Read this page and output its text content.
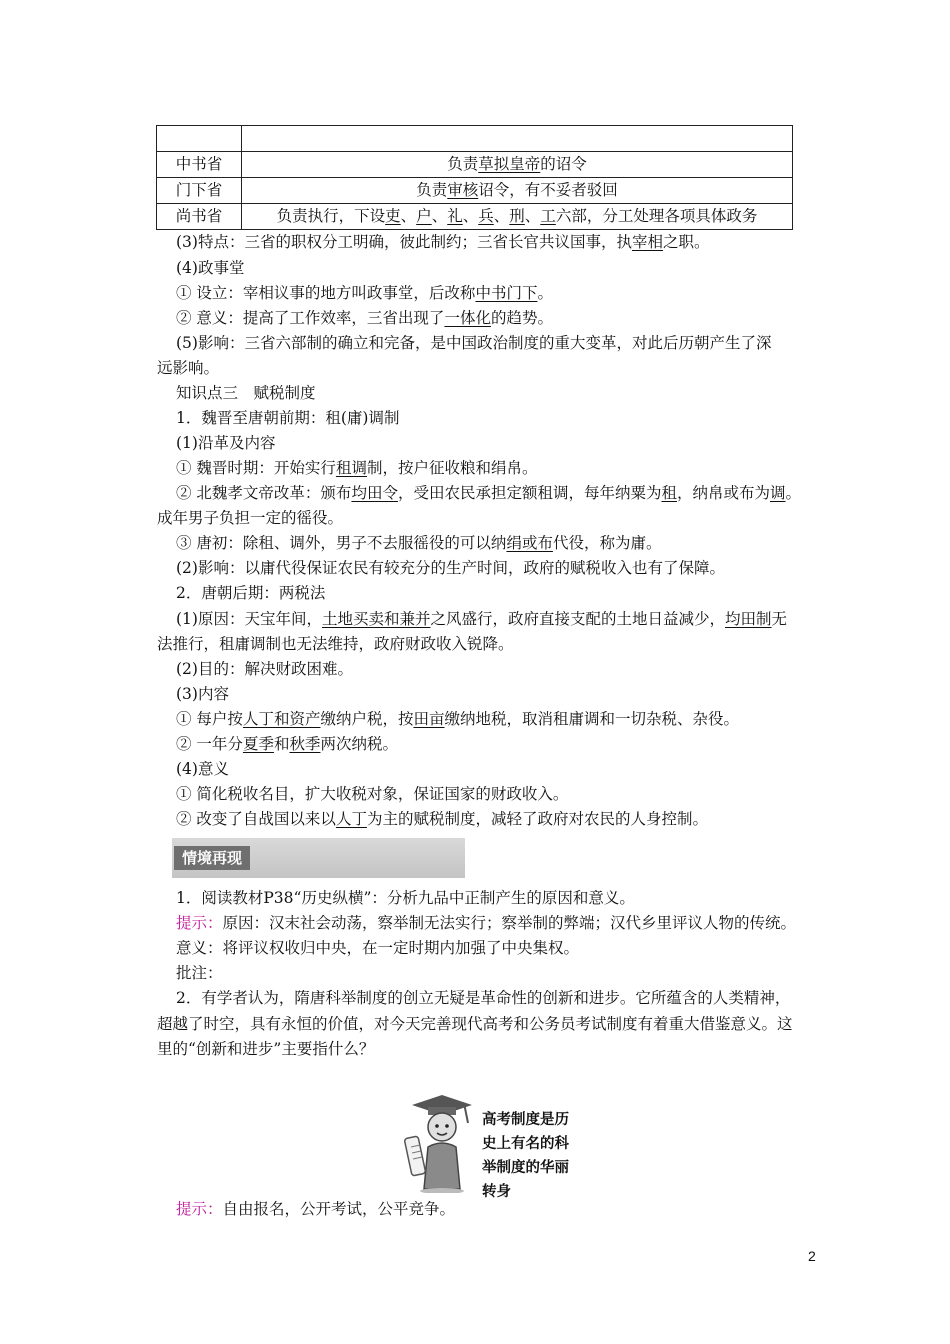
中书省	负责草拟皇帝的诏令
门下省	负责审核诏令，有不妥者驳回
尚书省	负责执行，下设吏、户、礼、兵、刑、工六部，分工处理各项具体政务
(3)特点：三省的职权分工明确，彼此制约；三省长官共议国事，执宰相之职。
(4)政事堂
① 设立：宰相议事的地方叫政事堂，后改称中书门下。
② 意义：提高了工作效率，三省出现了一体化的趋势。
(5)影响：三省六部制的确立和完备，是中国政治制度的重大变革，对此后历朝产生了深
远影响。
知识点三　赋税制度
1．魏晋至唐朝前期：租(庸)调制
(1)沿革及内容
① 魏晋时期：开始实行租调制，按户征收粮和绢帛。
② 北魏孝文帝改革：颁布均田令，受田农民承担定额租调，每年纳粟为租，纳帛或布为调。
成年男子负担一定的徭役。
③ 唐初：除租、调外，男子不去服徭役的可以纳绢或布代役，称为庸。
(2)影响：以庸代役保证农民有较充分的生产时间，政府的赋税收入也有了保障。
2．唐朝后期：两税法
(1)原因：天宝年间，土地买卖和兼并之风盛行，政府直接支配的土地日益减少，均田制无
法推行，租庸调制也无法维持，政府财政收入锐降。
(2)目的：解决财政困难。
(3)内容
① 每户按人丁和资产缴纳户税，按田亩缴纳地税，取消租庸调和一切杂税、杂役。
② 一年分夏季和秋季两次纳税。
(4)意义
① 简化税收名目，扩大收税对象，保证国家的财政收入。
② 改变了自战国以来以人丁为主的赋税制度，减轻了政府对农民的人身控制。
情境再现
1．阅读教材P38“历史纵横”：分析九品中正制产生的原因和意义。
提示：原因：汉末社会动荡，察举制无法实行；察举制的弊端；汉代乡里评议人物的传统。
意义：将评议权收归中央，在一定时期内加强了中央集权。
批注：
2．有学者认为，隋唐科举制度的创立无疑是革命性的创新和进步。它所蕴含的人类精神，
超越了时空，具有永恒的价值，对今天完善现代高考和公务员考试制度有着重大借鉴意义。这
里的“创新和进步”主要指什么？
高考制度是历
史上有名的科
举制度的华丽
转身
提示：自由报名，公开考试，公平竞争。
2
